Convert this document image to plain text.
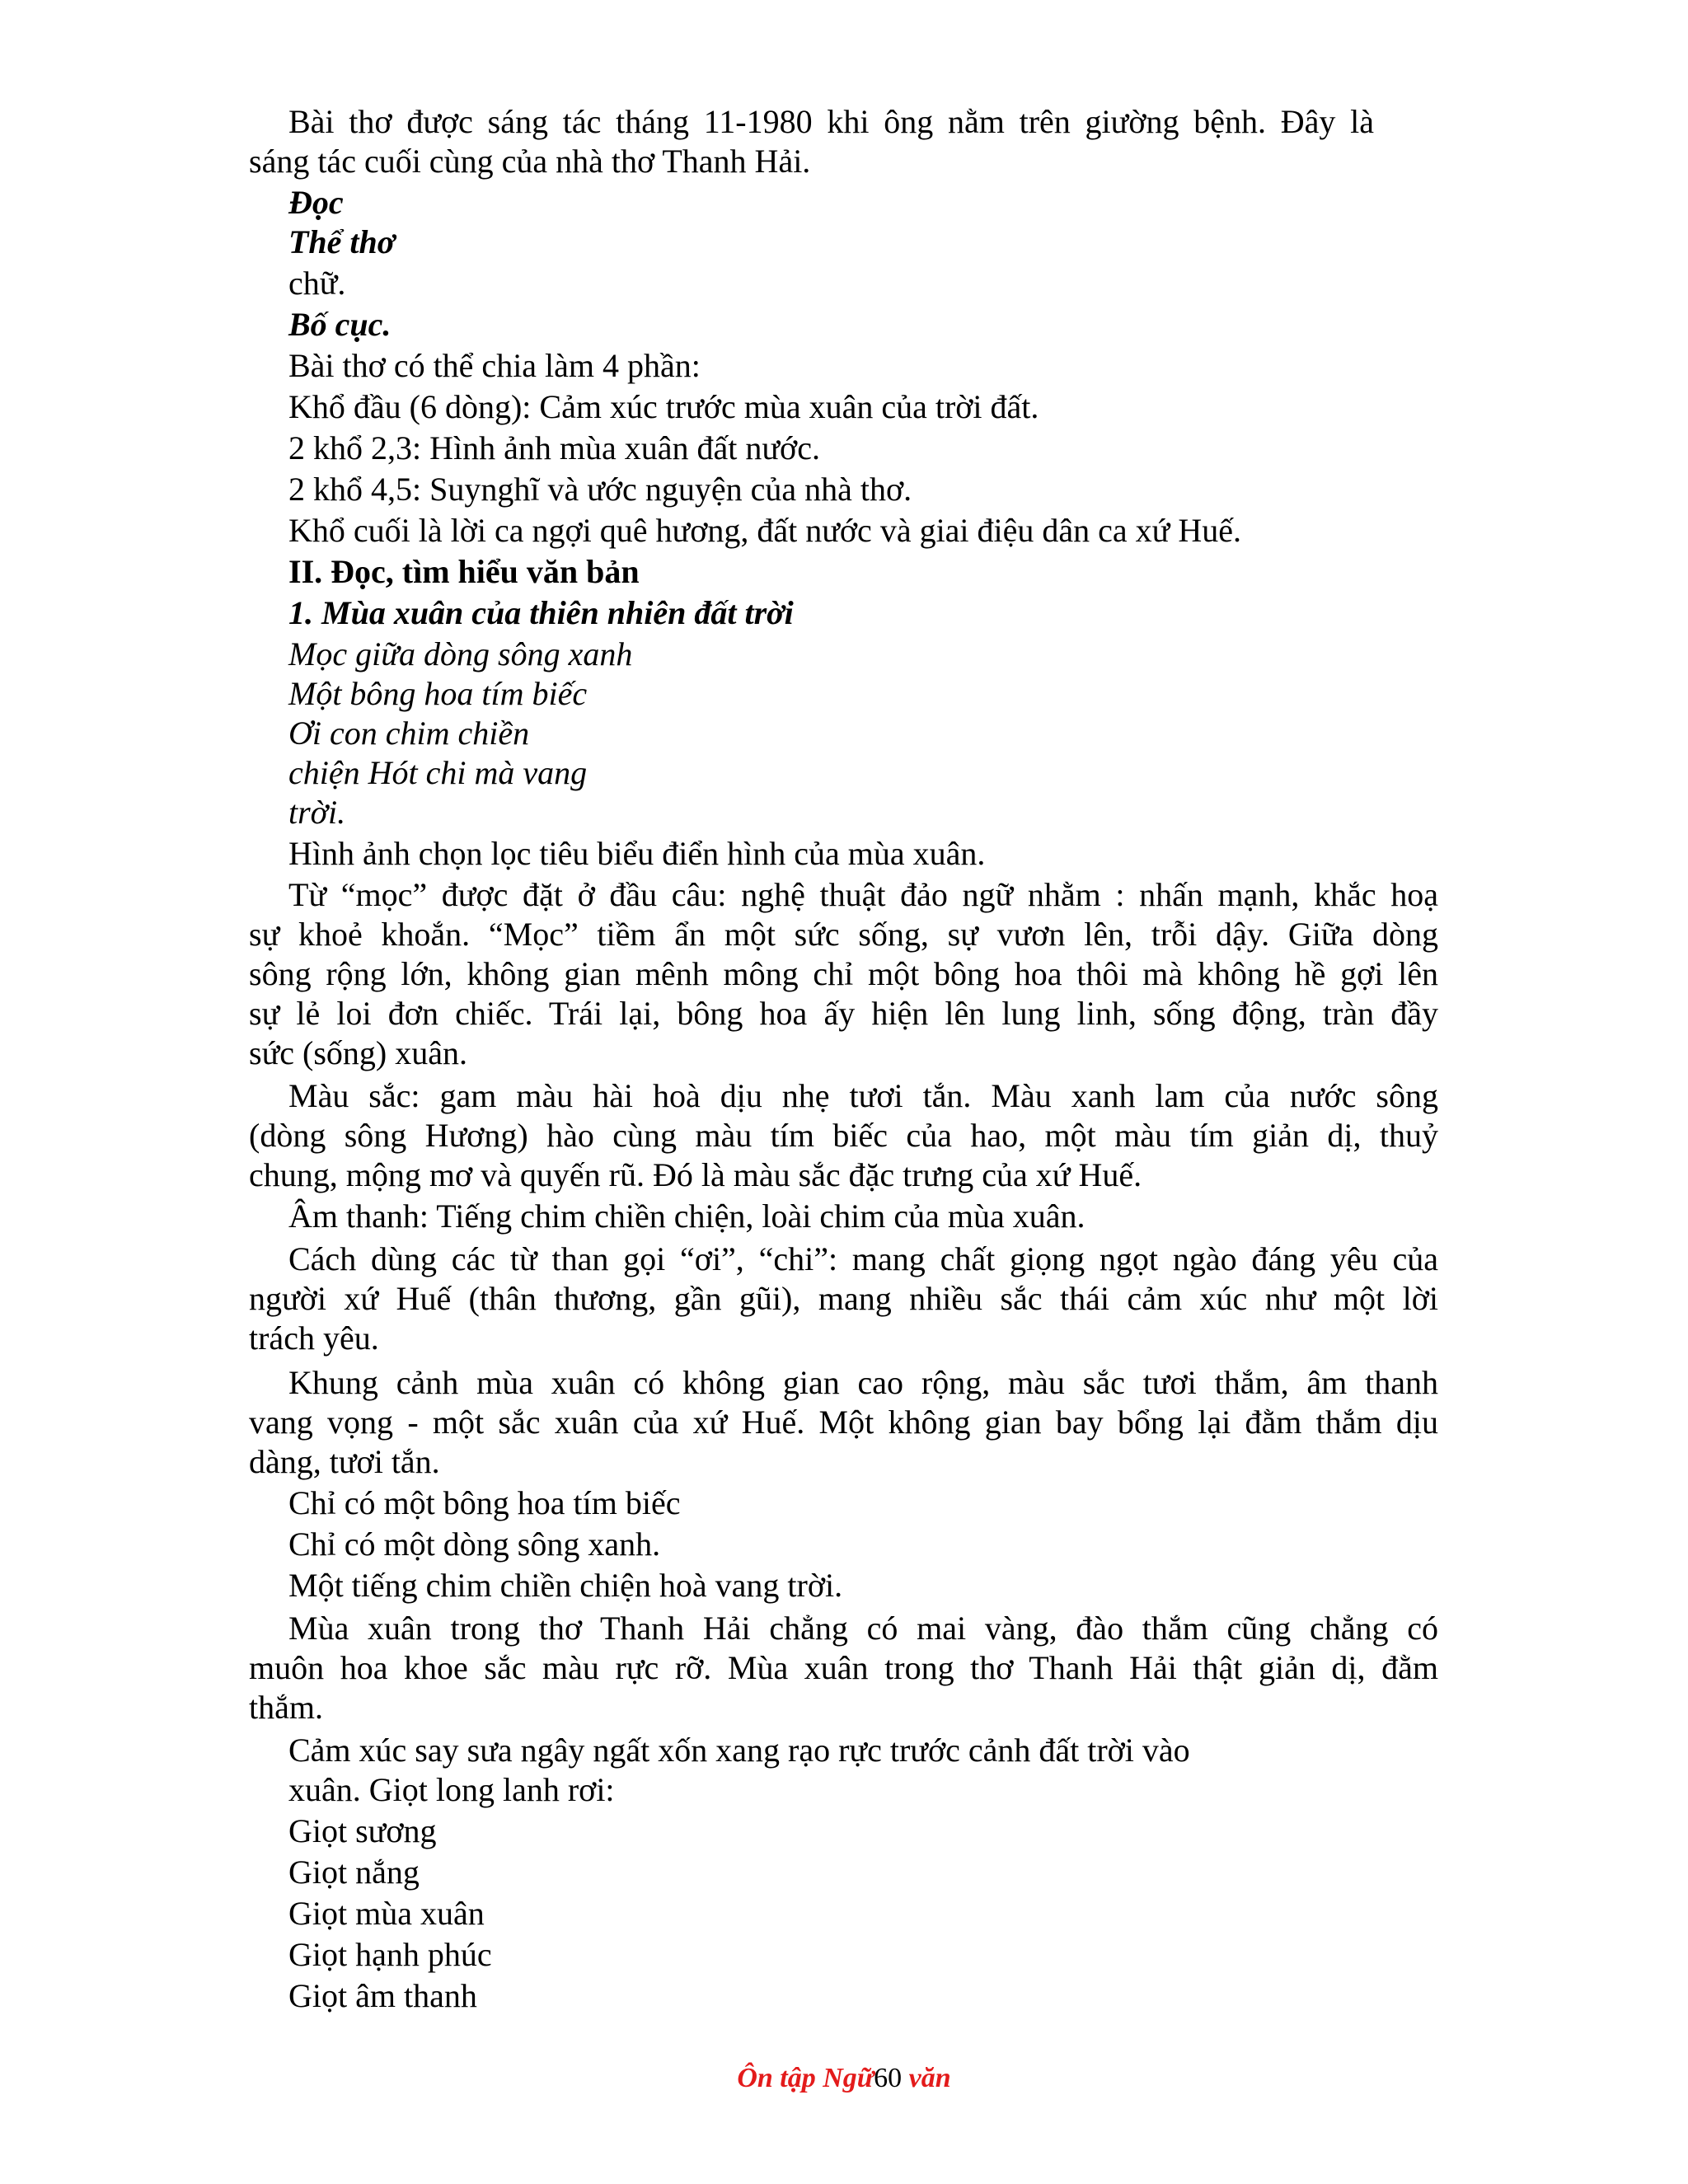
Bài thơ được sáng tác tháng 11-1980 khi ông nằm trên giường bệnh. Đây là
sáng tác cuối cùng của nhà thơ Thanh Hải.
Đọc
Thể thơ
chữ.
Bố cục.
Bài thơ có thể chia làm 4 phần:
Khổ đầu (6 dòng): Cảm xúc trước mùa xuân của trời đất.
2 khổ 2,3: Hình ảnh mùa xuân đất nước.
2 khổ 4,5: Suynghĩ và ước nguyện của nhà thơ.
Khổ cuối là lời ca ngợi quê hương, đất nước và giai điệu dân ca xứ Huế.
II. Đọc, tìm hiểu văn bản
1. Mùa xuân của thiên nhiên đất trời
Mọc giữa dòng sông xanh
Một bông hoa tím biếc
Ơi con chim chiền
chiện Hót chi mà vang
trời.
Hình ảnh chọn lọc tiêu biểu điển hình của mùa xuân.
Từ “mọc” được đặt ở đầu câu: nghệ thuật đảo ngữ nhằm : nhấn mạnh, khắc hoạ
sự khoẻ khoắn. “Mọc” tiềm ẩn một sức sống, sự vươn lên, trỗi dậy. Giữa dòng
sông rộng lớn, không gian mênh mông chỉ một bông hoa thôi mà không hề gợi lên
sự lẻ loi đơn chiếc. Trái lại, bông hoa ấy hiện lên lung linh, sống động, tràn đầy
sức (sống) xuân.
Màu sắc: gam màu hài hoà dịu nhẹ tươi tắn. Màu xanh lam của nước sông
(dòng sông Hương) hào cùng màu tím biếc của hao, một màu tím giản dị, thuỷ
chung, mộng mơ và quyến rũ. Đó là màu sắc đặc trưng của xứ Huế.
Âm thanh: Tiếng chim chiền chiện, loài chim của mùa xuân.
Cách dùng các từ than gọi “ơi”, “chi”: mang chất giọng ngọt ngào đáng yêu của
người xứ Huế (thân thương, gần gũi), mang nhiều sắc thái cảm xúc như một lời
trách yêu.
Khung cảnh mùa xuân có không gian cao rộng, màu sắc tươi thắm, âm thanh
vang vọng - một sắc xuân của xứ Huế. Một không gian bay bổng lại đằm thắm dịu
dàng, tươi tắn.
Chỉ có một bông hoa tím biếc
Chỉ có một dòng sông xanh.
Một tiếng chim chiền chiện hoà vang trời.
Mùa xuân trong thơ Thanh Hải chẳng có mai vàng, đào thắm cũng chẳng có
muôn hoa khoe sắc màu rực rỡ. Mùa xuân trong thơ Thanh Hải thật giản dị, đằm
thắm.
Cảm xúc say sưa ngây ngất xốn xang rạo rực trước cảnh đất trời vào
xuân. Giọt long lanh rơi:
Giọt sương
Giọt nắng
Giọt mùa xuân
Giọt hạnh phúc
Giọt âm thanh
Ôn tập Ngữ60 văn
